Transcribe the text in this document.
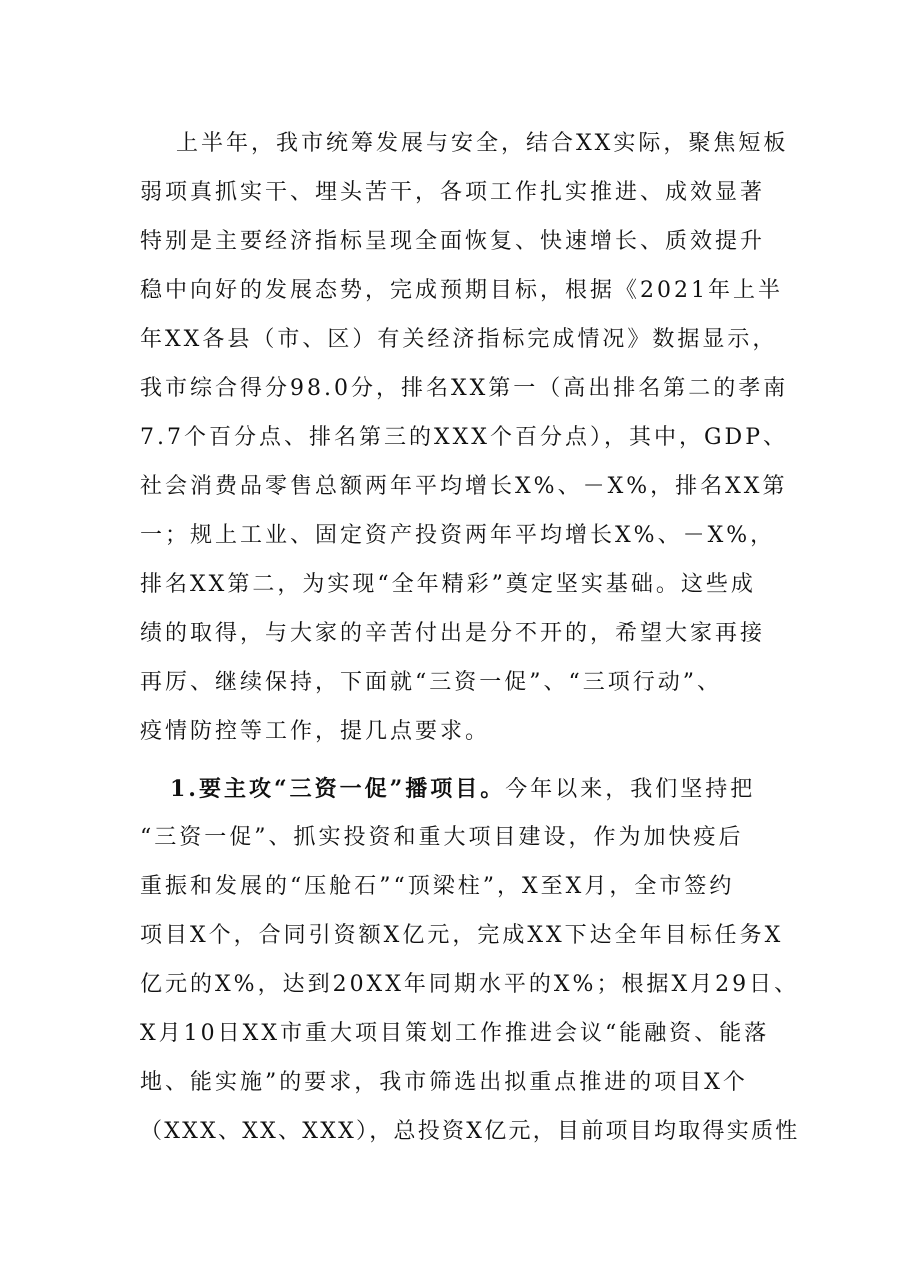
上半年，我市统筹发展与安全，结合XX实际，聚焦短板
弱项真抓实干、埋头苦干，各项工作扎实推进、成效显著
特别是主要经济指标呈现全面恢复、快速增长、质效提升
稳中向好的发展态势，完成预期目标，根据《2021年上半
年XX各县（市、区）有关经济指标完成情况》数据显示，
我市综合得分98.0分，排名XX第一（高出排名第二的孝南
7.7个百分点、排名第三的XXX个百分点），其中，GDP、
社会消费品零售总额两年平均增长X%、－X%，排名XX第
一；规上工业、固定资产投资两年平均增长X%、－X%，
排名XX第二，为实现“全年精彩”奠定坚实基础。这些成
绩的取得，与大家的辛苦付出是分不开的，希望大家再接
再厉、继续保持，下面就“三资一促”、“三项行动”、
疫情防控等工作，提几点要求。
1.要主攻“三资一促”播项目。今年以来，我们坚持把
“三资一促”、抓实投资和重大项目建设，作为加快疫后
重振和发展的“压舱石”“顶梁柱”，X至X月，全市签约
项目X个，合同引资额X亿元，完成XX下达全年目标任务X
亿元的X%，达到20XX年同期水平的X%；根据X月29日、
X月10日XX市重大项目策划工作推进会议“能融资、能落
地、能实施”的要求，我市筛选出拟重点推进的项目X个
（XXX、XX、XXX），总投资X亿元，目前项目均取得实质性
